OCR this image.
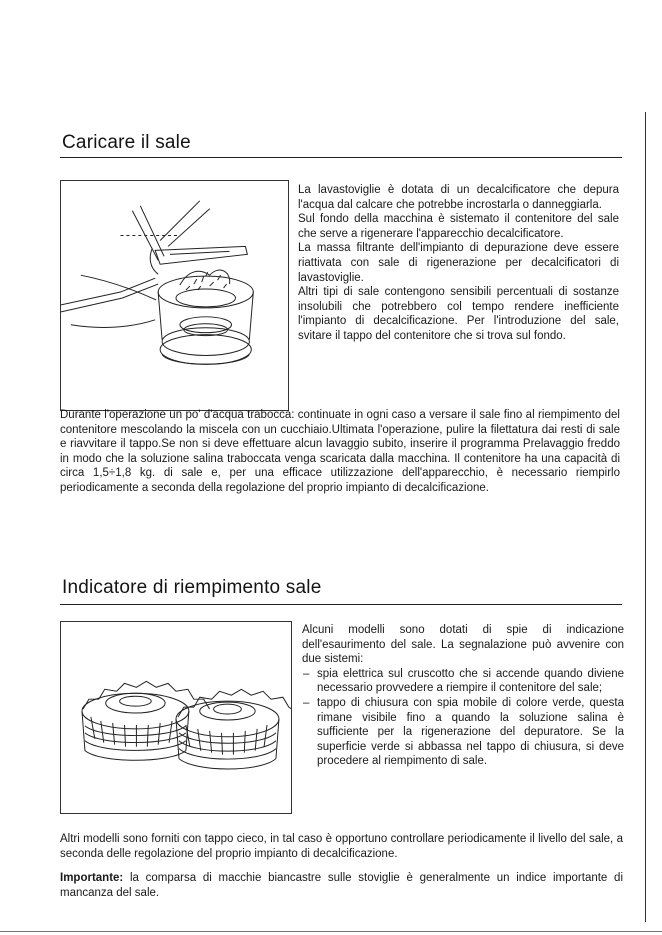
Caricare il sale

La lavastoviglie è dotata di un decalcificatore che depura l'acqua dal calcare che potrebbe incrostarla o danneggiarla.

Sul fondo della macchina è sistemato il contenitore del sale che serve a rigenerare l'apparecchio decalcificatore.

La massa filtrante dell'impianto di depurazione deve essere riattivata con sale di rigenerazione per decalcificatori di lavastoviglie.

Altri tipi di sale contengono sensibili percentuali di sostanze insolubili che potrebbero col tempo rendere inefficiente l'impianto di decalcificazione. Per l'introduzione del sale, svitare il tappo del contenitore che si trova sul fondo.

Durante l'operazione un po' d'acqua trabocca: continuate in ogni caso a versare il sale fino al riempimento del contenitore mescolando la miscela con un cucchiaio.Ultimata l'operazione, pulire la filettatura dai resti di sale e riavvitare il tappo.Se non si deve effettuare alcun lavaggio subito, inserire il programma Prelavaggio freddo in modo che la soluzione salina traboccata venga scaricata dalla macchina. Il contenitore ha una capacità di circa 1,5÷1,8 kg. di sale e, per una efficace utilizzazione dell'apparecchio, è necessario riempirlo periodicamente a seconda della regolazione del proprio impianto di decalcificazione.

Indicatore di riempimento sale

Alcuni modelli sono dotati di spie di indicazione dell'esaurimento del sale. La segnalazione può avvenire con due sistemi:

– spia elettrica sul cruscotto che si accende quando diviene necessario provvedere a riempire il contenitore del sale;
– tappo di chiusura con spia mobile di colore verde, questa rimane visibile fino a quando la soluzione salina è sufficiente per la rigenerazione del depuratore. Se la superficie verde si abbassa nel tappo di chiusura, si deve procedere al riempimento di sale.

Altri modelli sono forniti con tappo cieco, in tal caso è opportuno controllare periodicamente il livello del sale, a seconda delle regolazione del proprio impianto di decalcificazione.

Importante: la comparsa di macchie biancastre sulle stoviglie è generalmente un indice importante di mancanza del sale.
